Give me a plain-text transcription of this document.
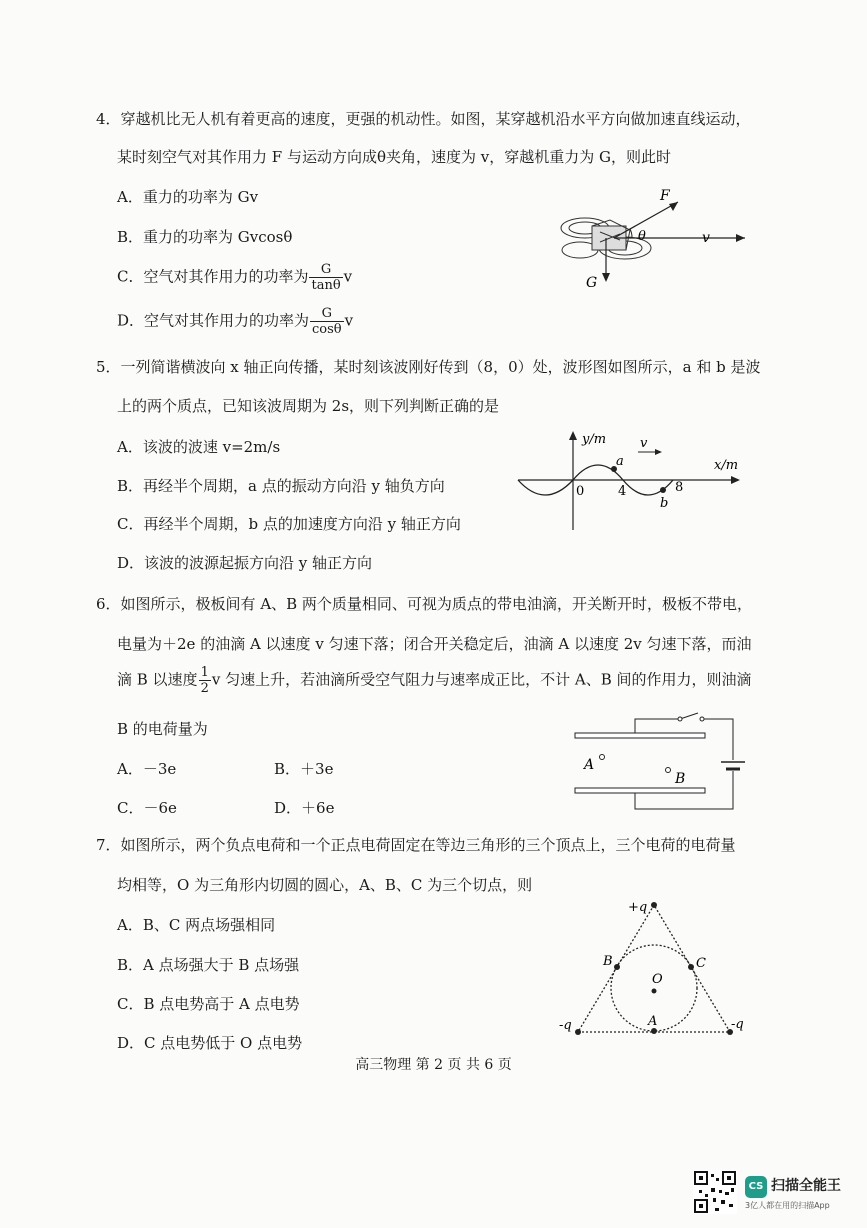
4．穿越机比无人机有着更高的速度，更强的机动性。如图，某穿越机沿水平方向做加速直线运动，
某时刻空气对其作用力 F 与运动方向成θ夹角，速度为 v，穿越机重力为 G，则此时
A．重力的功率为 Gv
B．重力的功率为 Gvcosθ
C．空气对其作用力的功率为 $\frac{G}{\tan\theta}$ v
D．空气对其作用力的功率为 $\frac{G}{\cos\theta}$ v
F
v
θ
G
5．一列简谐横波向 x 轴正向传播，某时刻该波刚好传到（8，0）处，波形图如图所示，a 和 b 是波
上的两个质点，已知该波周期为 2s，则下列判断正确的是
A．该波的波速 v=2m/s
B．再经半个周期，a 点的振动方向沿 y 轴负方向
C．再经半个周期，b 点的加速度方向沿 y 轴正方向
D．该波的波源起振方向沿 y 轴正方向
y/m
x/m
v
0	4	8
a
b
6．如图所示，极板间有 A、B 两个质量相同、可视为质点的带电油滴，开关断开时，极板不带电，
电量为＋2e 的油滴 A 以速度 v 匀速下落；闭合开关稳定后，油滴 A 以速度 2v 匀速下落，而油
滴 B 以速度 $\frac{1}{2}$ v 匀速上升，若油滴所受空气阻力与速率成正比，不计 A、B 间的作用力，则油滴
B 的电荷量为
A．－3e	B．＋3e
C．－6e	D．＋6e
A
B
7．如图所示，两个负点电荷和一个正点电荷固定在等边三角形的三个顶点上，三个电荷的电荷量
均相等，O 为三角形内切圆的圆心，A、B、C 为三个切点，则
A．B、C 两点场强相同
B．A 点场强大于 B 点场强
C．B 点电势高于 A 点电势
D．C 点电势低于 O 点电势
+q
-q	-q
B	C
A
O
高三物理 第 2 页 共 6 页
CS 扫描全能王
3亿人都在用的扫描App
